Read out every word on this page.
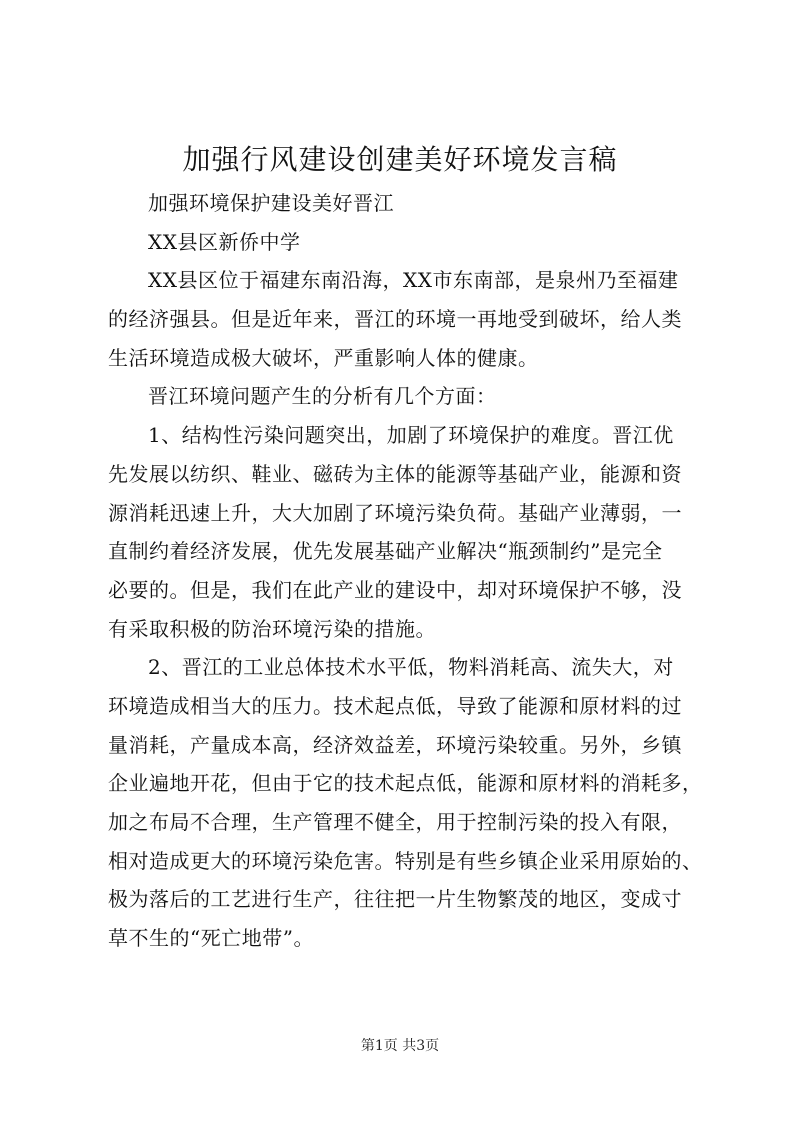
加强行风建设创建美好环境发言稿
加强环境保护建设美好晋江
XX县区新侨中学
XX县区位于福建东南沿海，XX市东南部，是泉州乃至福建
的经济强县。但是近年来，晋江的环境一再地受到破坏，给人类
生活环境造成极大破坏，严重影响人体的健康。
晋江环境问题产生的分析有几个方面：
1、结构性污染问题突出，加剧了环境保护的难度。晋江优
先发展以纺织、鞋业、磁砖为主体的能源等基础产业，能源和资
源消耗迅速上升，大大加剧了环境污染负荷。基础产业薄弱，一
直制约着经济发展，优先发展基础产业解决“瓶颈制约”是完全
必要的。但是，我们在此产业的建设中，却对环境保护不够，没
有采取积极的防治环境污染的措施。
2、晋江的工业总体技术水平低，物料消耗高、流失大，对
环境造成相当大的压力。技术起点低，导致了能源和原材料的过
量消耗，产量成本高，经济效益差，环境污染较重。另外，乡镇
企业遍地开花，但由于它的技术起点低，能源和原材料的消耗多，
加之布局不合理，生产管理不健全，用于控制污染的投入有限，
相对造成更大的环境污染危害。特别是有些乡镇企业采用原始的、
极为落后的工艺进行生产，往往把一片生物繁茂的地区，变成寸
草不生的“死亡地带”。
第1页 共3页
